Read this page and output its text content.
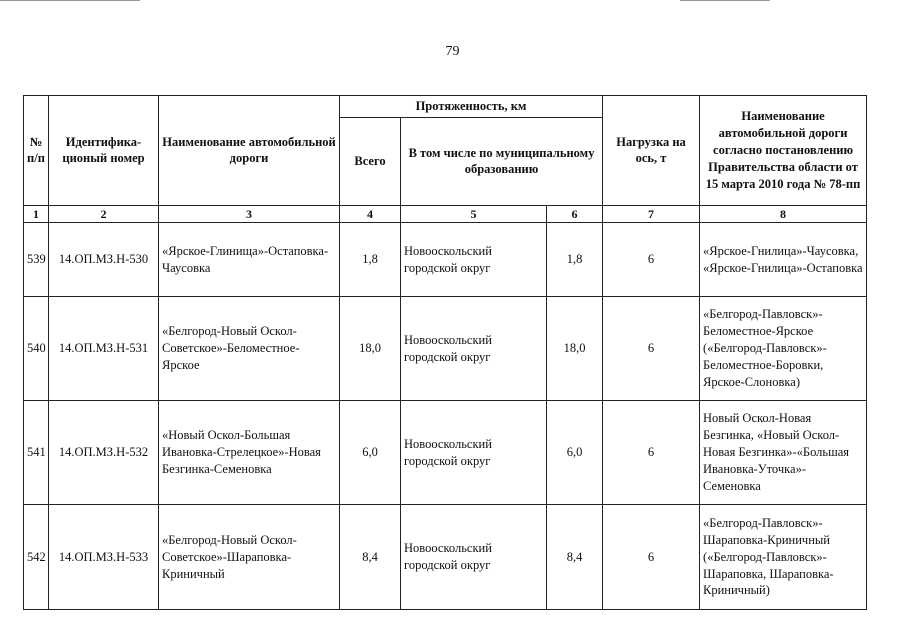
79
№ п/п	Идентифика-ционый номер	Наименование автомобильной дороги	Протяженность, км			Нагрузка на ось, т	Наименование автомобильной дороги согласно постановлению Правительства области от 15 марта 2010 года № 78-пп
			Всего	В том числе по муниципальному образованию			
1	2	3	4	5	6	7	8
539	14.ОП.МЗ.Н-530	«Ярское-Глинища»-Остаповка-Чаусовка	1,8	Новооскольский городской округ	1,8	6	«Ярское-Гнилица»-Чаусовка, «Ярское-Гнилица»-Остаповка
540	14.ОП.МЗ.Н-531	«Белгород-Новый Оскол-Советское»-Беломестное-Ярское	18,0	Новооскольский городской округ	18,0	6	«Белгород-Павловск»-Беломестное-Ярское («Белгород-Павловск»-Беломестное-Боровки, Ярское-Слоновка)
541	14.ОП.МЗ.Н-532	«Новый Оскол-Большая Ивановка-Стрелецкое»-Новая Безгинка-Семеновка	6,0	Новооскольский городской округ	6,0	6	Новый Оскол-Новая Безгинка, «Новый Оскол-Новая Безгинка»-«Большая Ивановка-Уточка»-Семеновка
542	14.ОП.МЗ.Н-533	«Белгород-Новый Оскол-Советское»-Шараповка-Криничный	8,4	Новооскольский городской округ	8,4	6	«Белгород-Павловск»-Шараповка-Криничный («Белгород-Павловск»-Шараповка, Шараповка-Криничный)
